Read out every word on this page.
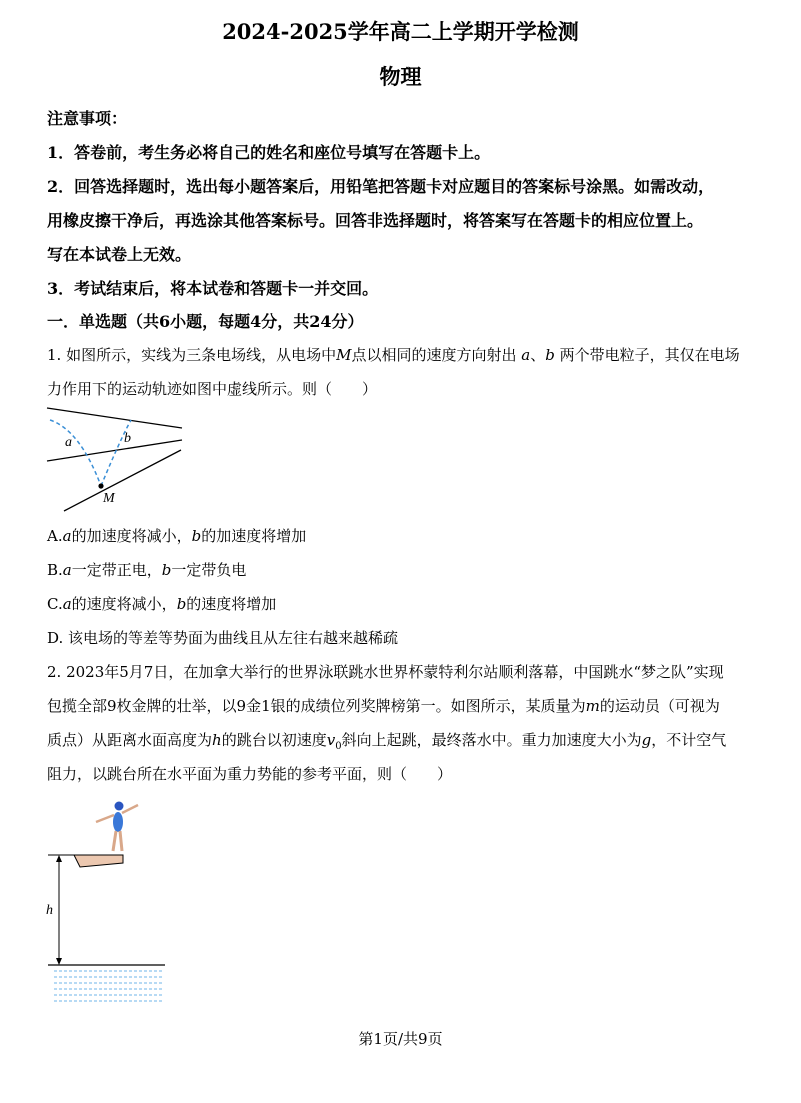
2024-2025学年高二上学期开学检测
物理
注意事项：
1．答卷前，考生务必将自己的姓名和座位号填写在答题卡上。
2．回答选择题时，选出每小题答案后，用铅笔把答题卡对应题目的答案标号涂黑。如需改动，
用橡皮擦干净后，再选涂其他答案标号。回答非选择题时，将答案写在答题卡的相应位置上。
写在本试卷上无效。
3．考试结束后，将本试卷和答题卡一并交回。
一．单选题（共6小题，每题4分，共24分）
1. 如图所示，实线为三条电场线，从电场中M点以相同的速度方向射出 a、b 两个带电粒子，其仅在电场
力作用下的运动轨迹如图中虚线所示。则（　　）
a	b
M
A.a的加速度将减小，b的加速度将增加
B.a一定带正电，b一定带负电
C.a的速度将减小，b的速度将增加
D. 该电场的等差等势面为曲线且从左往右越来越稀疏
2. 2023年5月7日，在加拿大举行的世界泳联跳水世界杯蒙特利尔站顺利落幕，中国跳水“梦之队”实现
包揽全部9枚金牌的壮举，以9金1银的成绩位列奖牌榜第一。如图所示，某质量为m的运动员（可视为
质点）从距离水面高度为h的跳台以初速度$v_0$斜向上起跳，最终落水中。重力加速度大小为g，不计空气
阻力，以跳台所在水平面为重力势能的参考平面，则（　　）
h
第1页/共9页
